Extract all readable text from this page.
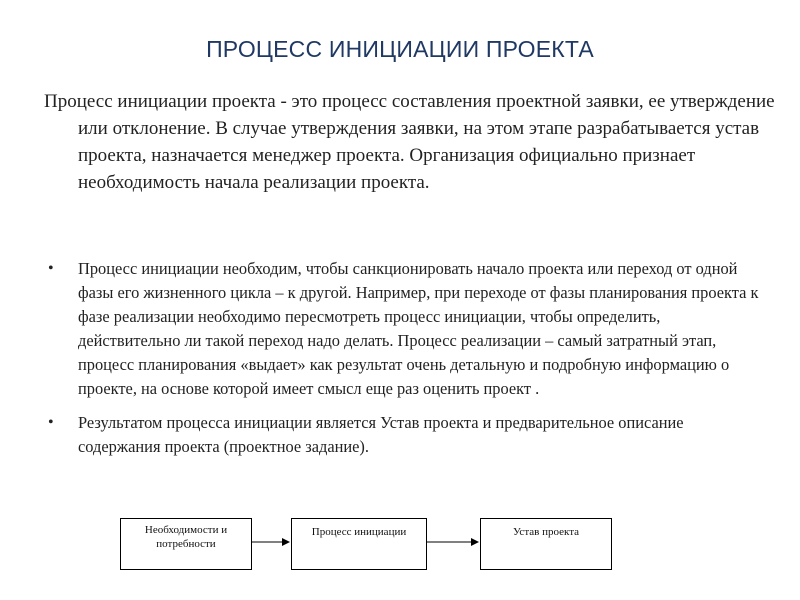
ПРОЦЕСС ИНИЦИАЦИИ ПРОЕКТА
Процесс инициации проекта - это процесс составления проектной заявки, ее утверждение или отклонение. В случае утверждения заявки, на этом этапе разрабатывается устав проекта, назначается менеджер проекта. Организация официально признает необходимость начала реализации проекта.
• Процесс инициации необходим, чтобы санкционировать начало проекта или переход от одной фазы его жизненного цикла – к другой. Например, при переходе от фазы планирования проекта к фазе реализации необходимо пересмотреть процесс инициации, чтобы определить, действительно ли такой переход надо делать. Процесс реализации – самый затратный этап, процесс планирования «выдает» как результат очень детальную и подробную информацию о проекте, на основе которой имеет смысл еще раз оценить проект .
• Результатом процесса инициации является Устав проекта и предварительное описание содержания проекта (проектное задание).
Необходимости и потребности
Процесс инициации	Устав проекта
